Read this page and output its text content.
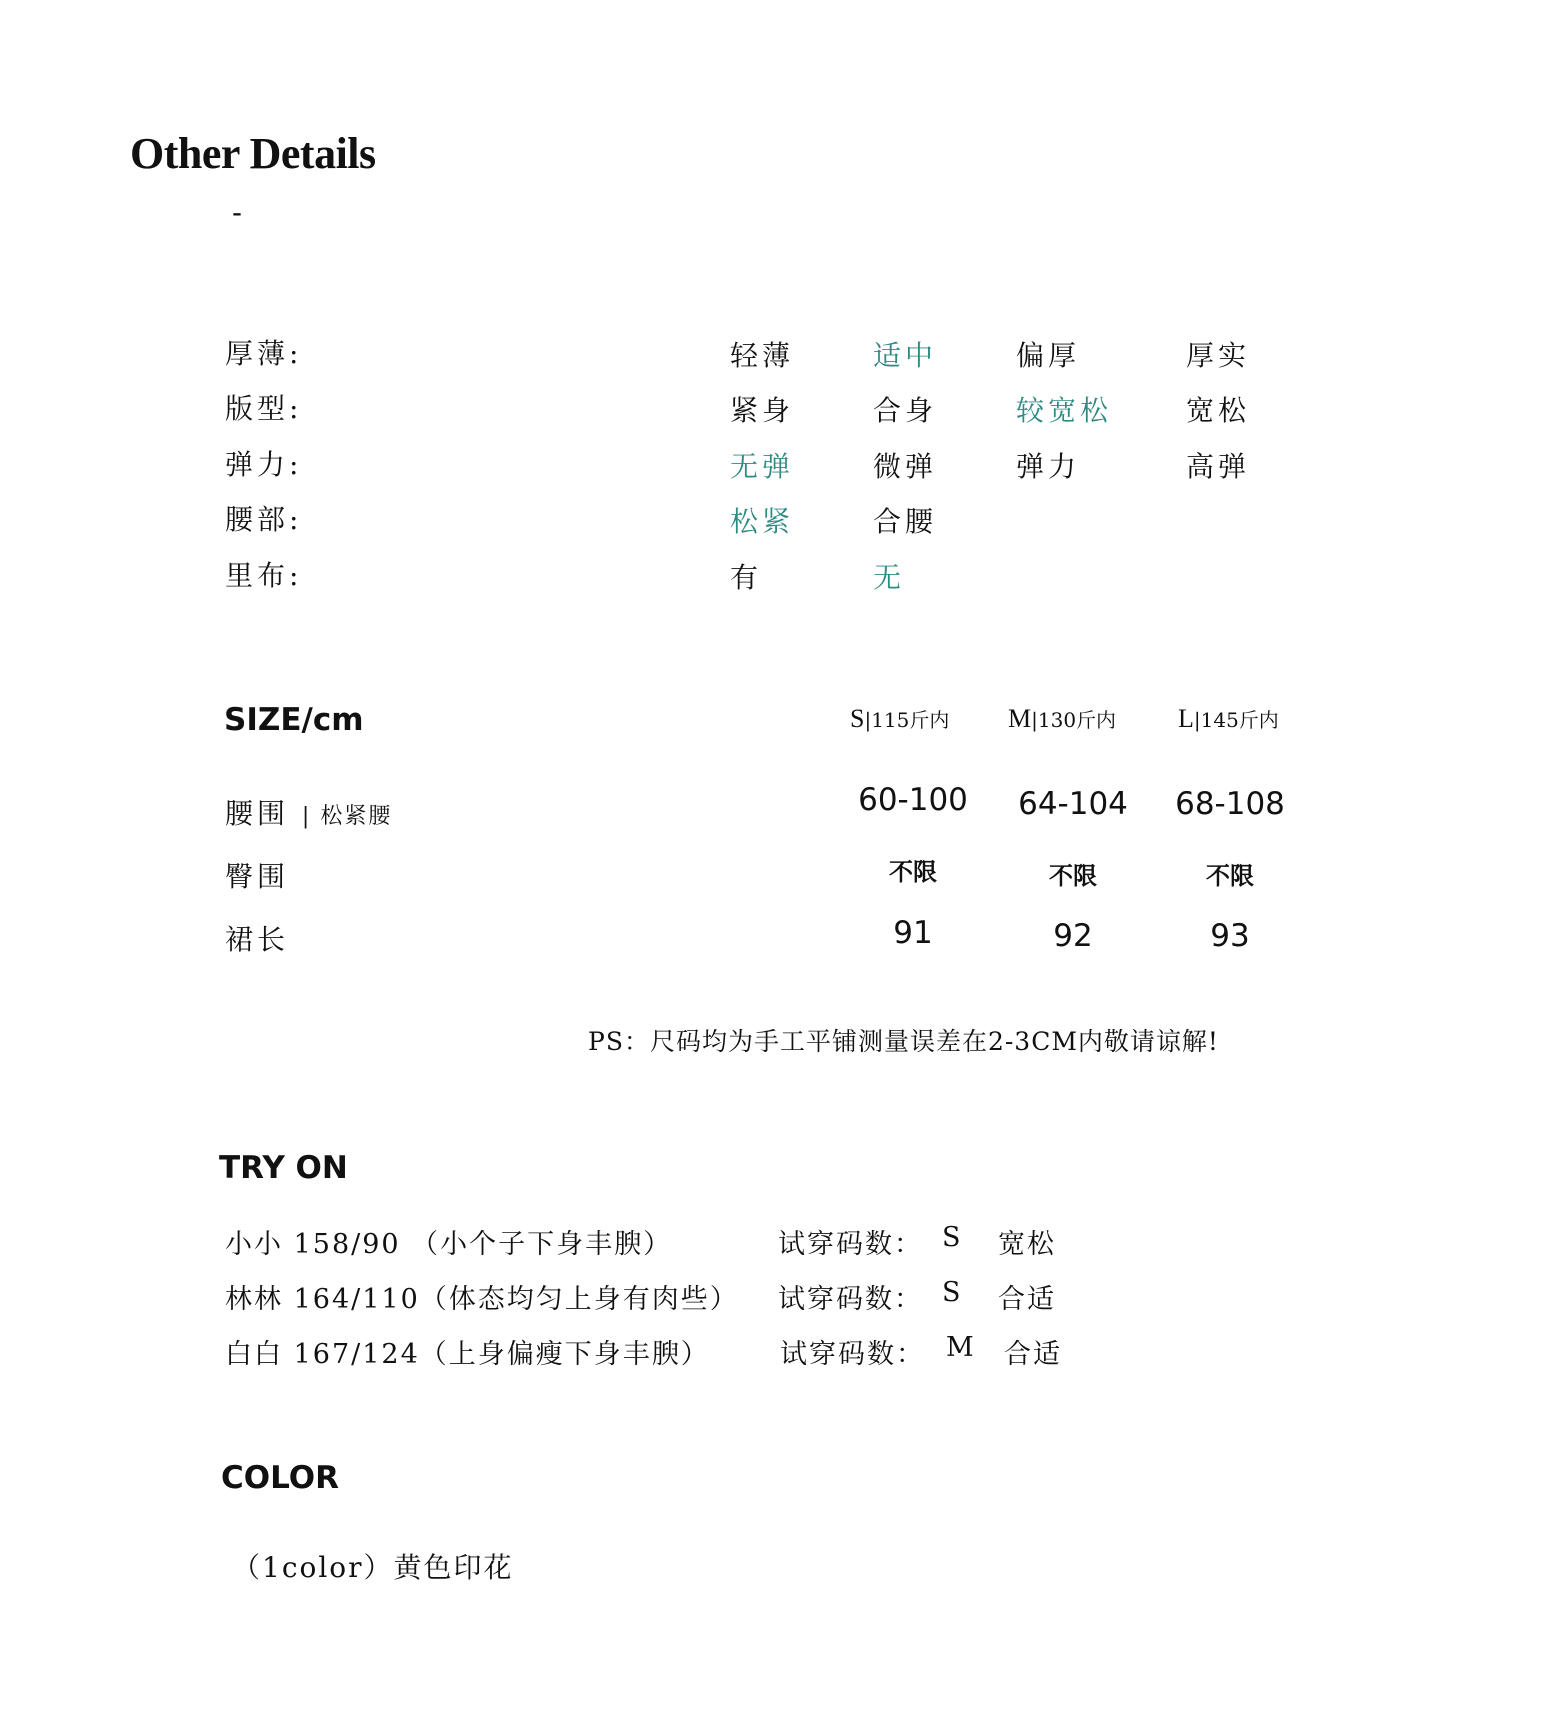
Other Details
-
厚薄:	轻薄	适中	偏厚	厚实
版型:	紧身	合身	较宽松	宽松
弹力:	无弹	微弹	弹力	高弹
腰部:	松紧	合腰
里布:	有	无
SIZE/cm	S|115斤内 M|130斤内 L|145斤内
腰围 | 松紧腰	60-100	64-104	68-108
臀围	不限	不限	不限
裙长	91	92	93
PS：尺码均为手工平铺测量误差在2-3CM内敬请谅解!
TRY ON
小小 158/90 （小个子下身丰腴）	试穿码数： S 宽松
林林 164/110（体态均匀上身有肉些） 试穿码数： S 合适
白白 167/124（上身偏瘦下身丰腴）	试穿码数： M 合适
COLOR
（1color）黄色印花
